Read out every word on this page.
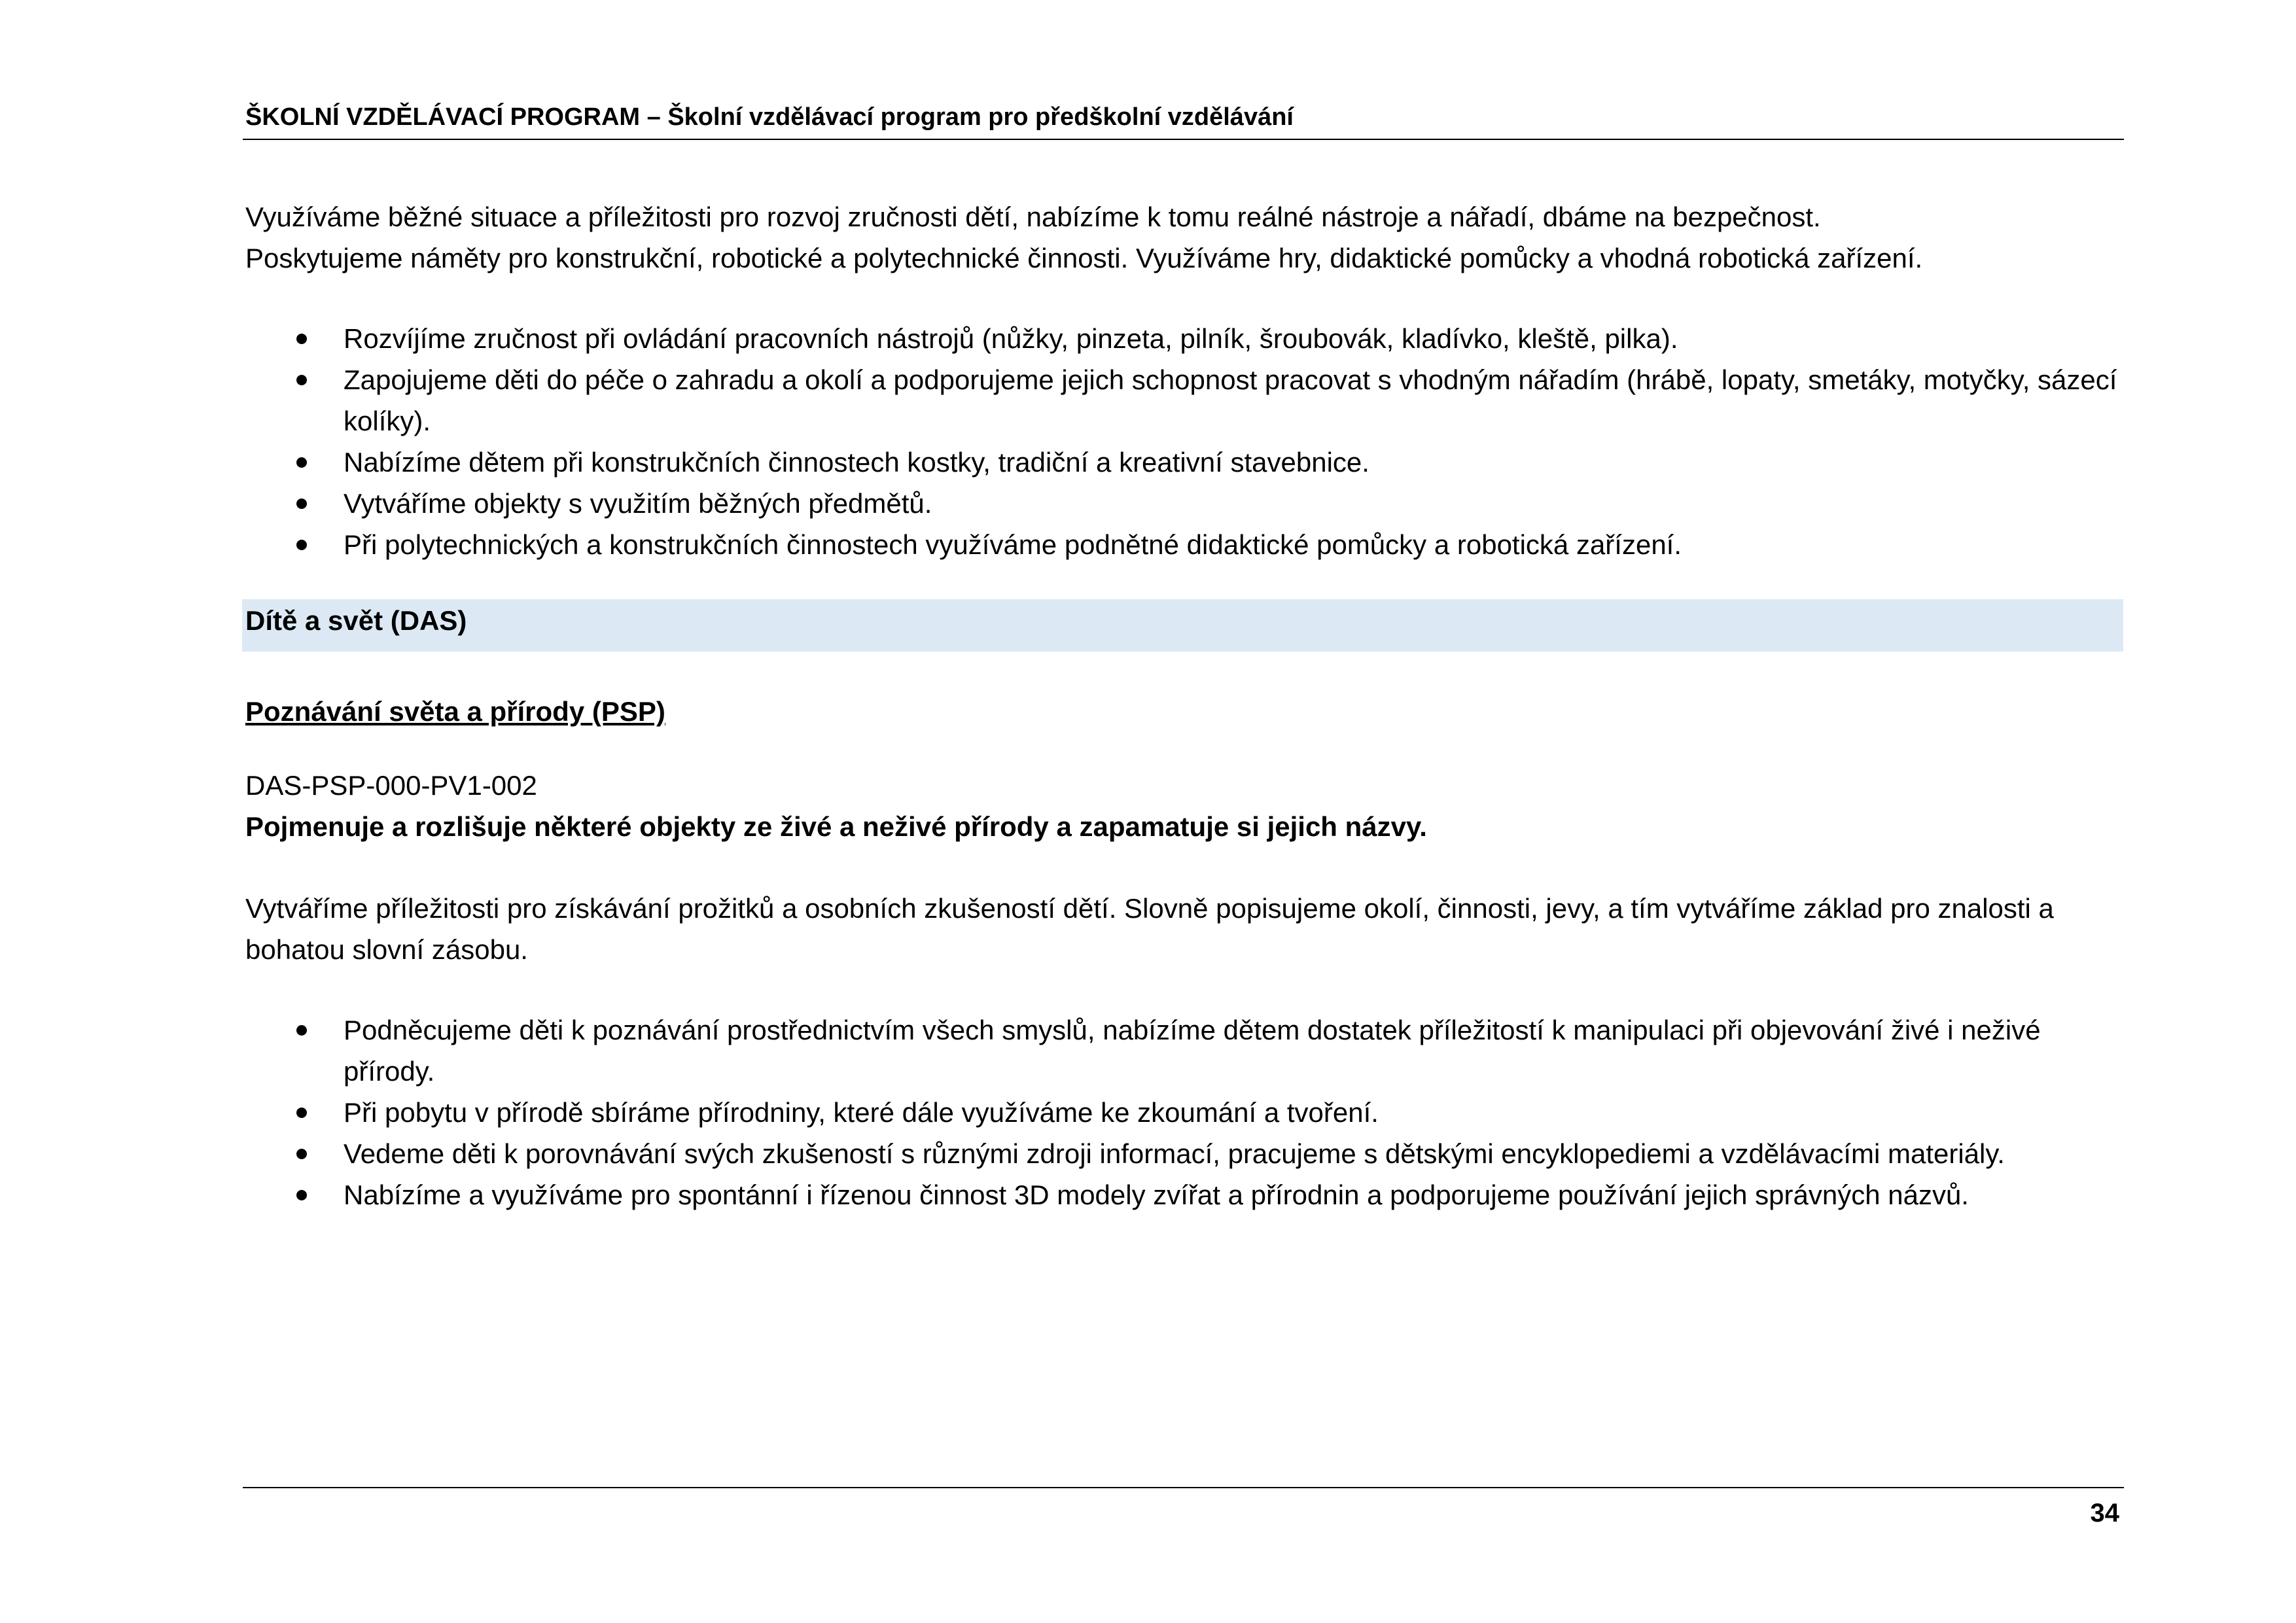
ŠKOLNÍ VZDĚLÁVACÍ PROGRAM – Školní vzdělávací program pro předškolní vzdělávání

Využíváme běžné situace a příležitosti pro rozvoj zručnosti dětí, nabízíme k tomu reálné nástroje a nářadí, dbáme na bezpečnost.

Poskytujeme náměty pro konstrukční, robotické a polytechnické činnosti. Využíváme hry, didaktické pomůcky a vhodná robotická zařízení.

Rozvíjíme zručnost při ovládání pracovních nástrojů (nůžky, pinzeta, pilník, šroubovák, kladívko, kleště, pilka).
Zapojujeme děti do péče o zahradu a okolí a podporujeme jejich schopnost pracovat s vhodným nářadím (hrábě, lopaty, smetáky, motyčky, sázecí kolíky).
Nabízíme dětem při konstrukčních činnostech kostky, tradiční a kreativní stavebnice.
Vytváříme objekty s využitím běžných předmětů.
Při polytechnických a konstrukčních činnostech využíváme podnětné didaktické pomůcky a robotická zařízení.
Dítě a svět (DAS)

Poznávání světa a přírody (PSP)

DAS-PSP-000-PV1-002

Pojmenuje a rozlišuje některé objekty ze živé a neživé přírody a zapamatuje si jejich názvy.

Vytváříme příležitosti pro získávání prožitků a osobních zkušeností dětí. Slovně popisujeme okolí, činnosti, jevy, a tím vytváříme základ pro znalosti a bohatou slovní zásobu.

Podněcujeme děti k poznávání prostřednictvím všech smyslů, nabízíme dětem dostatek příležitostí k manipulaci při objevování živé i neživé přírody.
Při pobytu v přírodě sbíráme přírodniny, které dále využíváme ke zkoumání a tvoření.
Vedeme děti k porovnávání svých zkušeností s různými zdroji informací, pracujeme s dětskými encyklopediemi a vzdělávacími materiály.
Nabízíme a využíváme pro spontánní i řízenou činnost 3D modely zvířat a přírodnin a podporujeme používání jejich správných názvů.
34
